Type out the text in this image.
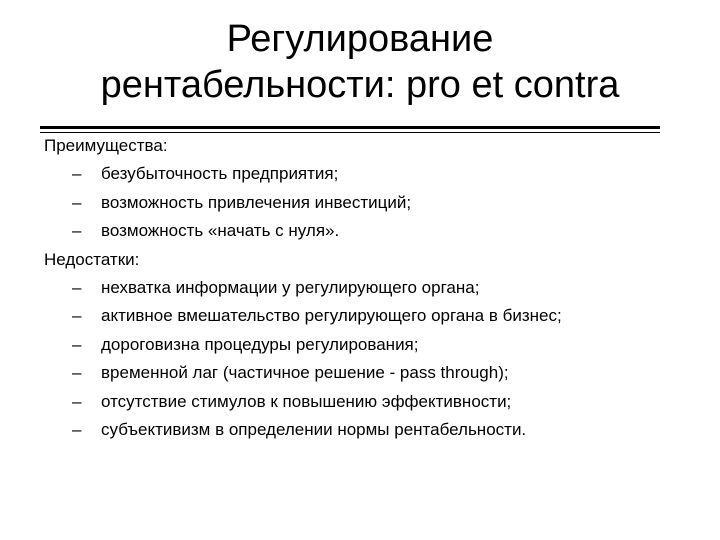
Регулирование
рентабельности: pro et contra

Преимущества:

– безубыточность предприятия;
– возможность привлечения инвестиций;
– возможность «начать с нуля».

Недостатки:

– нехватка информации у регулирующего органа;
– активное вмешательство регулирующего органа в бизнес;
– дороговизна процедуры регулирования;
– временной лаг (частичное решение - pass through);
– отсутствие стимулов к повышению эффективности;
– субъективизм в определении нормы рентабельности.
